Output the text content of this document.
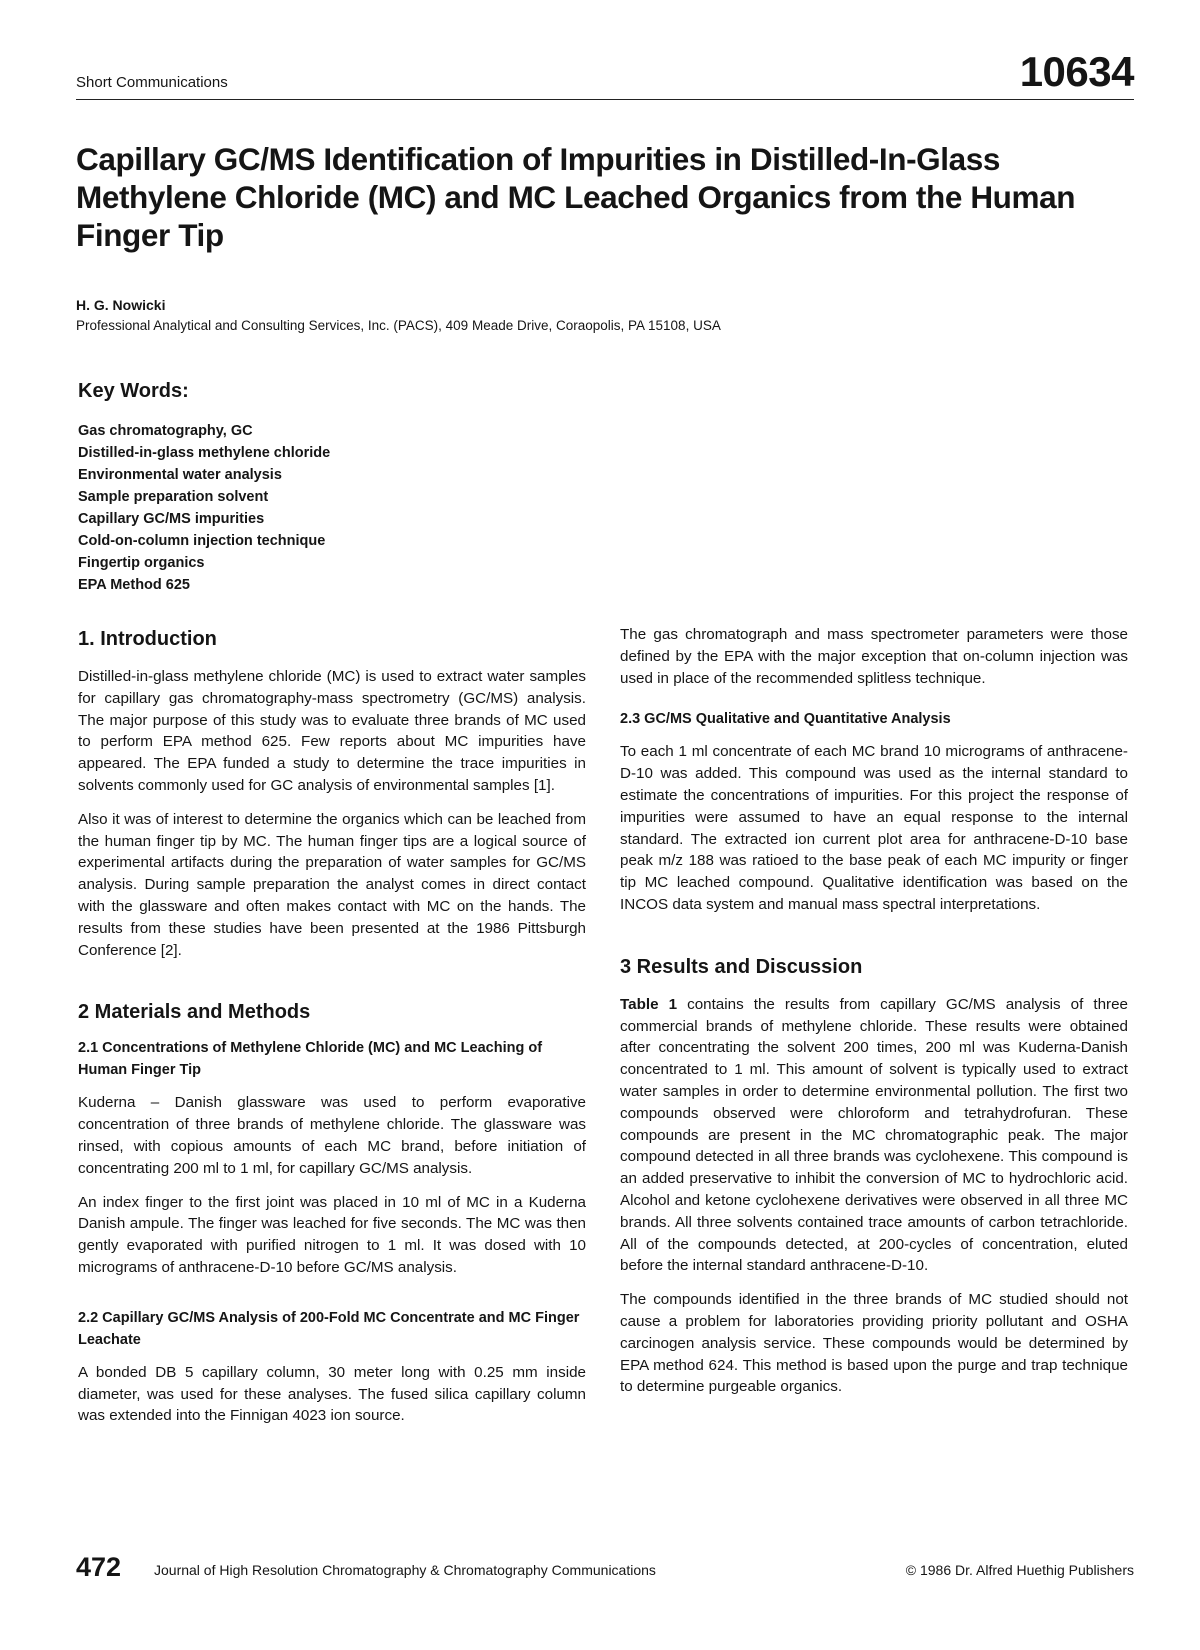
Short Communications	10634
Capillary GC/MS Identification of Impurities in Distilled-In-Glass Methylene Chloride (MC) and MC Leached Organics from the Human Finger Tip
H. G. Nowicki
Professional Analytical and Consulting Services, Inc. (PACS), 409 Meade Drive, Coraopolis, PA 15108, USA
Key Words:
Gas chromatography, GC
Distilled-in-glass methylene chloride
Environmental water analysis
Sample preparation solvent
Capillary GC/MS impurities
Cold-on-column injection technique
Fingertip organics
EPA Method 625
1. Introduction

Distilled-in-glass methylene chloride (MC) is used to extract water samples for capillary gas chromatography-mass spectrometry (GC/MS) analysis. The major purpose of this study was to evaluate three brands of MC used to perform EPA method 625. Few reports about MC impurities have appeared. The EPA funded a study to determine the trace impurities in solvents commonly used for GC analysis of environmental samples [1].

Also it was of interest to determine the organics which can be leached from the human finger tip by MC. The human finger tips are a logical source of experimental artifacts during the preparation of water samples for GC/MS analysis. During sample preparation the analyst comes in direct contact with the glassware and often makes contact with MC on the hands. The results from these studies have been presented at the 1986 Pittsburgh Conference [2].

2 Materials and Methods
2.1 Concentrations of Methylene Chloride (MC) and MC Leaching of Human Finger Tip

Kuderna – Danish glassware was used to perform evaporative concentration of three brands of methylene chloride. The glassware was rinsed, with copious amounts of each MC brand, before initiation of concentrating 200 ml to 1 ml, for capillary GC/MS analysis.

An index finger to the first joint was placed in 10 ml of MC in a Kuderna Danish ampule. The finger was leached for five seconds. The MC was then gently evaporated with purified nitrogen to 1 ml. It was dosed with 10 micrograms of anthracene-D-10 before GC/MS analysis.

2.2 Capillary GC/MS Analysis of 200-Fold MC Concentrate and MC Finger Leachate

A bonded DB 5 capillary column, 30 meter long with 0.25 mm inside diameter, was used for these analyses. The fused silica capillary column was extended into the Finnigan 4023 ion source.

The gas chromatograph and mass spectrometer parameters were those defined by the EPA with the major exception that on-column injection was used in place of the recommended splitless technique.

2.3 GC/MS Qualitative and Quantitative Analysis

To each 1 ml concentrate of each MC brand 10 micrograms of anthracene-D-10 was added. This compound was used as the internal standard to estimate the concentrations of impurities. For this project the response of impurities were assumed to have an equal response to the internal standard. The extracted ion current plot area for anthracene-D-10 base peak m/z 188 was ratioed to the base peak of each MC impurity or finger tip MC leached compound. Qualitative identification was based on the INCOS data system and manual mass spectral interpretations.

3 Results and Discussion

Table 1 contains the results from capillary GC/MS analysis of three commercial brands of methylene chloride. These results were obtained after concentrating the solvent 200 times, 200 ml was Kuderna-Danish concentrated to 1 ml. This amount of solvent is typically used to extract water samples in order to determine environmental pollution. The first two compounds observed were chloroform and tetrahydrofuran. These compounds are present in the MC chromatographic peak. The major compound detected in all three brands was cyclohexene. This compound is an added preservative to inhibit the conversion of MC to hydrochloric acid. Alcohol and ketone cyclohexene derivatives were observed in all three MC brands. All three solvents contained trace amounts of carbon tetrachloride. All of the compounds detected, at 200-cycles of concentration, eluted before the internal standard anthracene-D-10.

The compounds identified in the three brands of MC studied should not cause a problem for laboratories providing priority pollutant and OSHA carcinogen analysis service. These compounds would be determined by EPA method 624. This method is based upon the purge and trap technique to determine purgeable organics.

472 Journal of High Resolution Chromatography & Chromatography Communications	© 1986 Dr. Alfred Huethig Publishers
